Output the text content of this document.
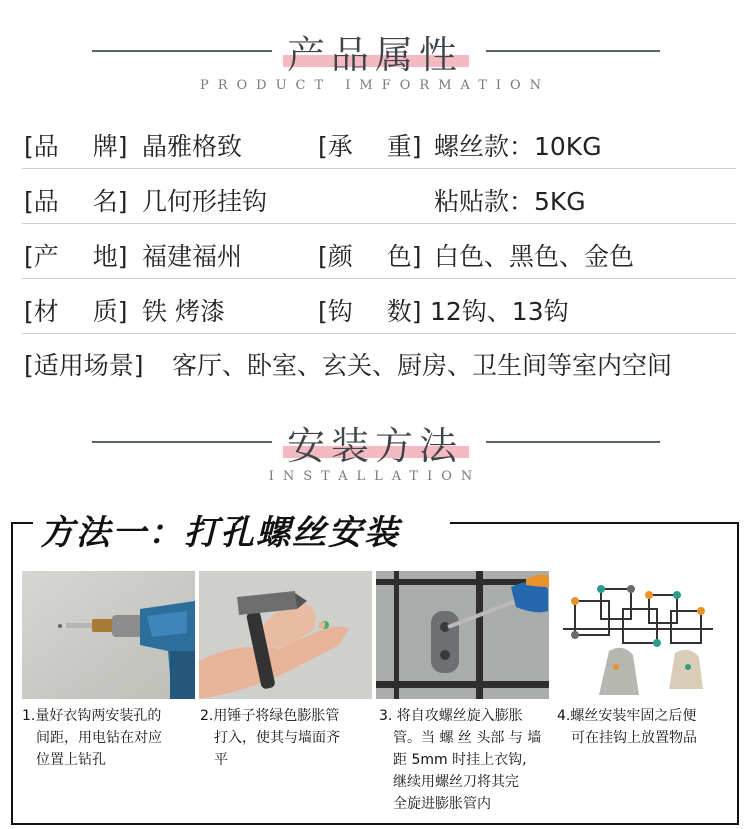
产品属性
PRODUCT IMFORMATION
[品 牌] 晶雅格致	[承 重] 螺丝款：10KG
[品 名] 几何形挂钩	粘贴款：5KG
[产 地] 福建福州	[颜 色] 白色、黑色、金色
[材 质] 铁 烤漆	[钩 数] 12钩、13钩
[适用场景] 客厅、卧室、玄关、厨房、卫生间等室内空间
安装方法
INSTALLATION
方法一：打孔螺丝安装
1.量好衣钩两安装孔的
间距，用电钻在对应
位置上钻孔
2.用锤子将绿色膨胀管
打入，使其与墙面齐
平
3. 将自攻螺丝旋入膨胀
管。当 螺 丝 头部 与 墙
距 5mm 时挂上衣钩,
继续用螺丝刀将其完
全旋进膨胀管内
4.螺丝安装牢固之后便
可在挂钩上放置物品
